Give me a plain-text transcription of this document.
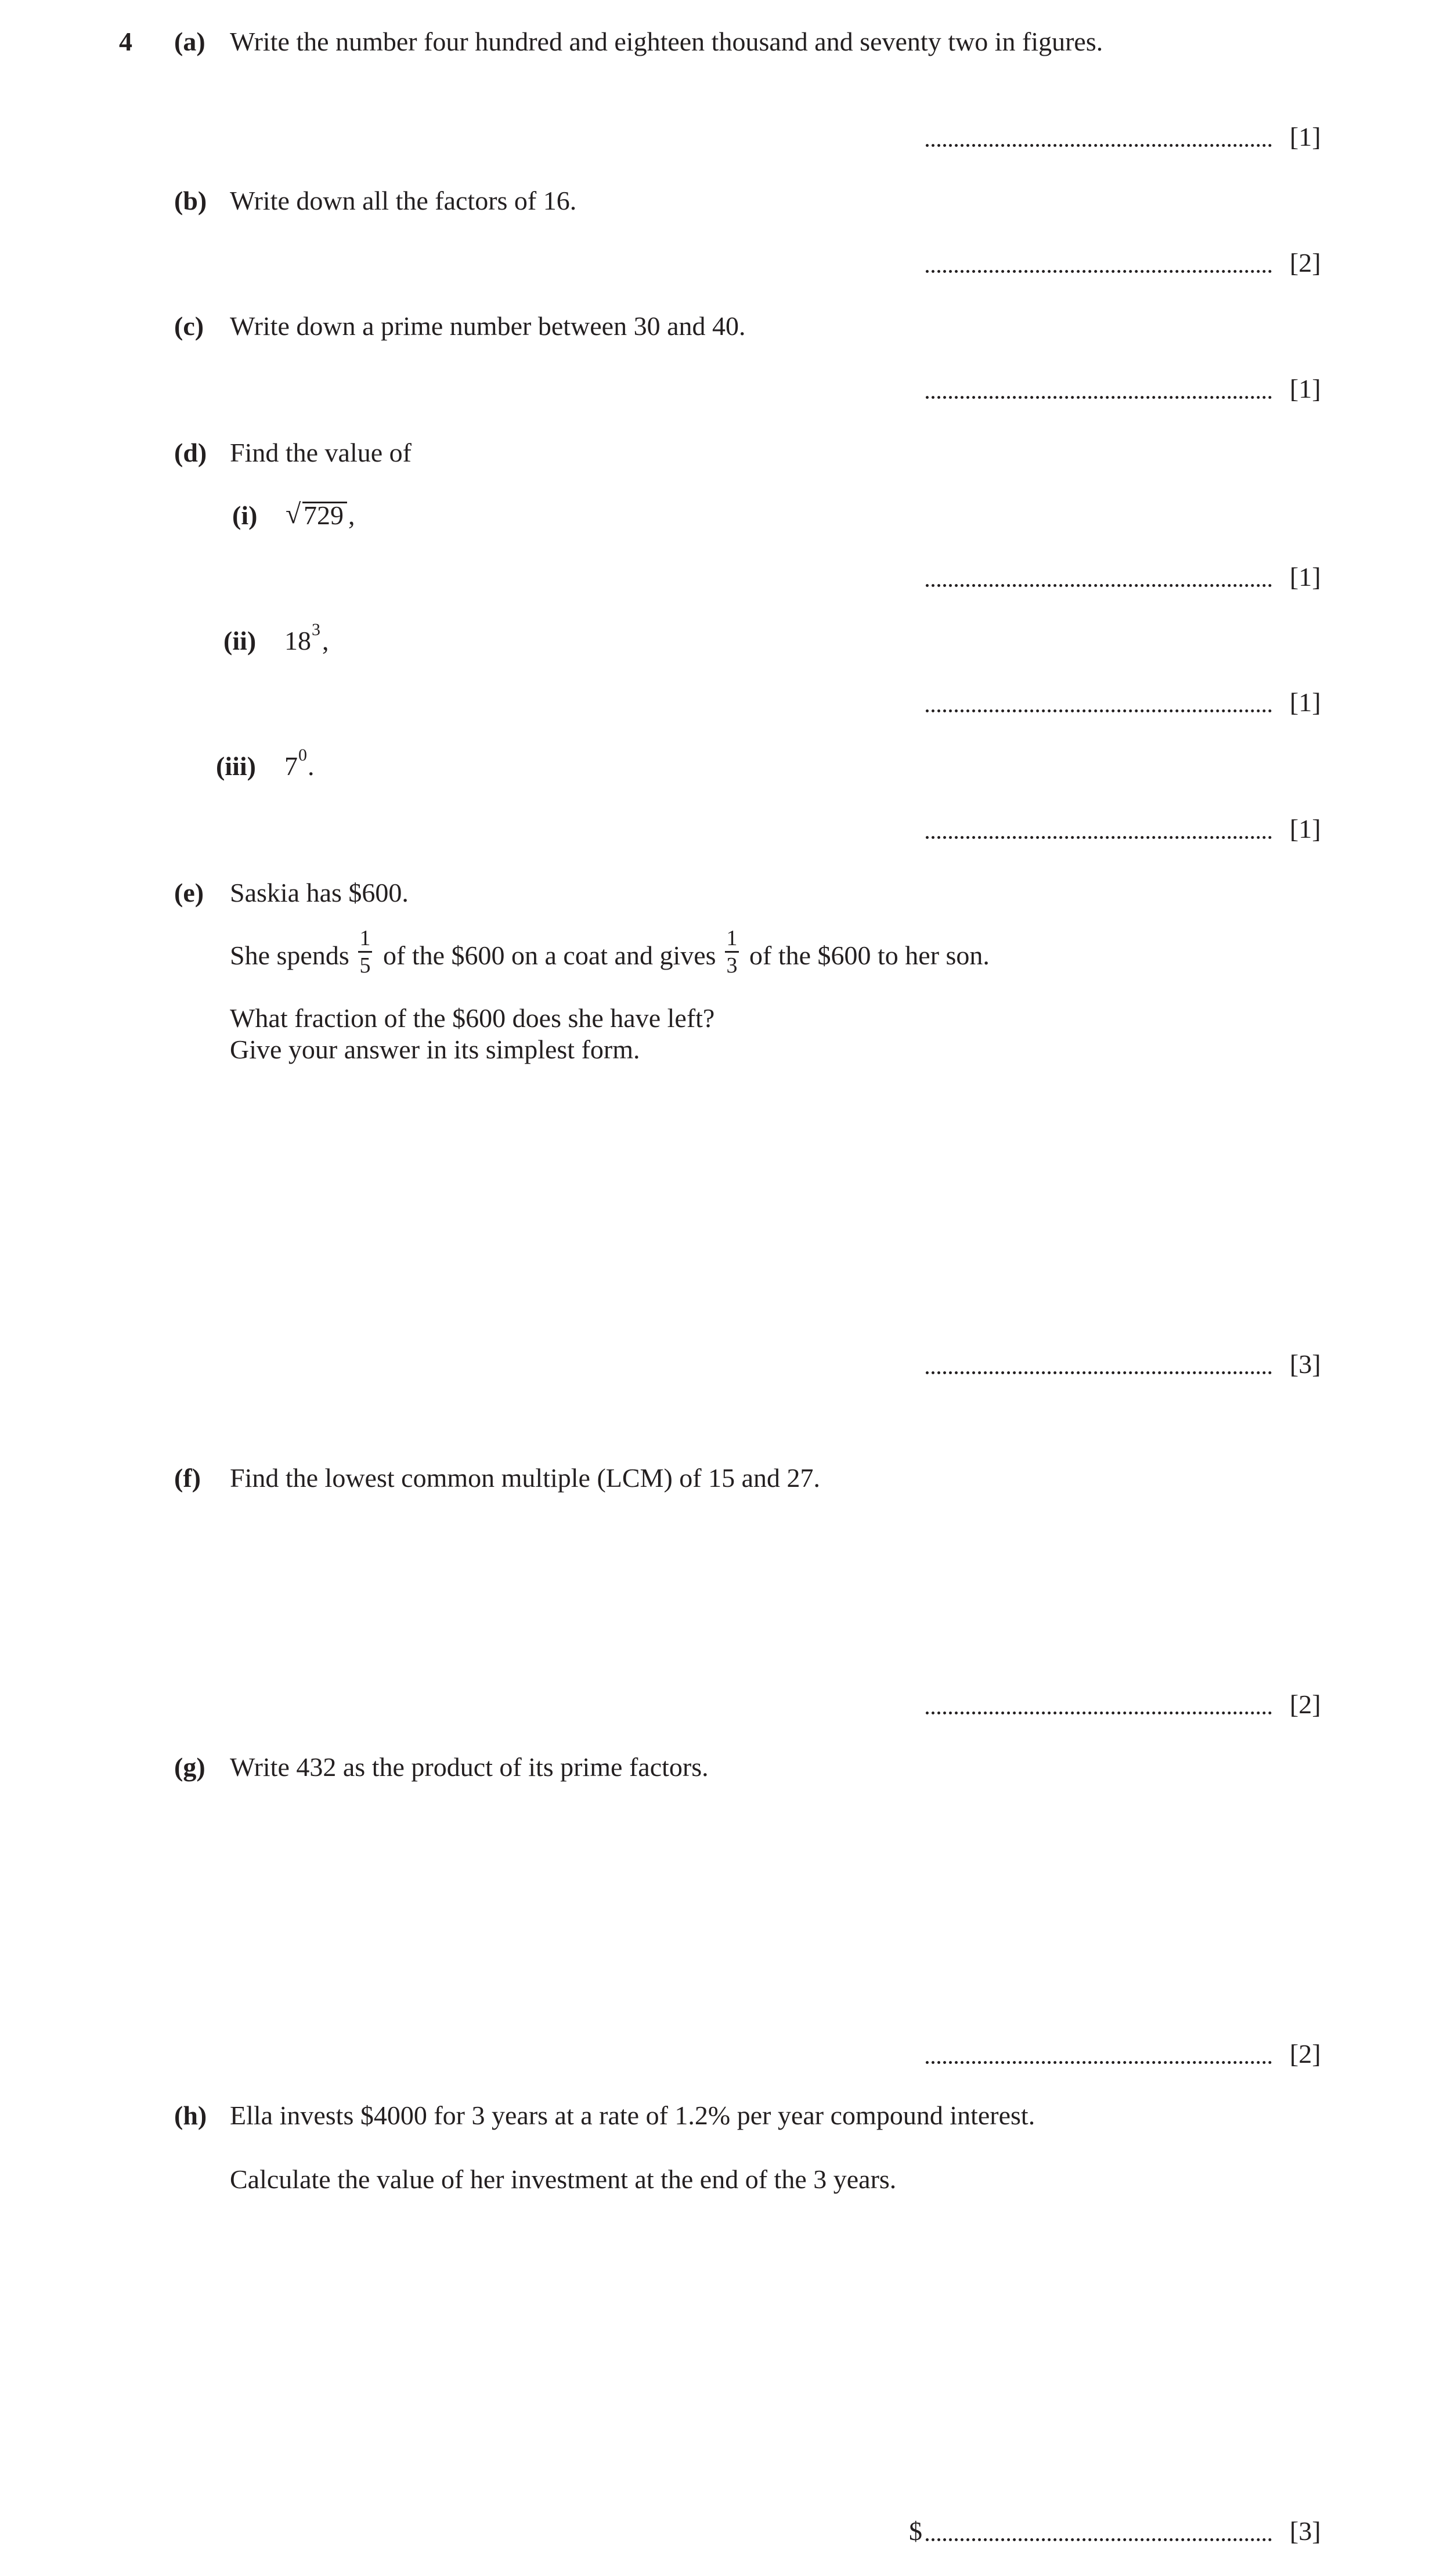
4 (a) Write the number four hundred and eighteen thousand and seventy two in figures.
[1]
(b) Write down all the factors of 16.
[2]
(c) Write down a prime number between 30 and 40.
[1]
(d) Find the value of
(i) √ 729 ,
[1]
(ii) 18 3 ,
[1]
(iii) 7 0 .
[1]
(e) Saskia has $600.
She spends
1
5 of the $600 on a coat and gives
1
3 of the $600 to her son.
What fraction of the $600 does she have left?
Give your answer in its simplest form.
[3]
(f) Find the lowest common multiple (LCM) of 15 and 27.
[2]
(g) Write 432 as the product of its prime factors.
[2]
(h) Ella invests $4000 for 3 years at a rate of 1.2% per year compound interest.
Calculate the value of her investment at the end of the 3 years.
$	[3]
